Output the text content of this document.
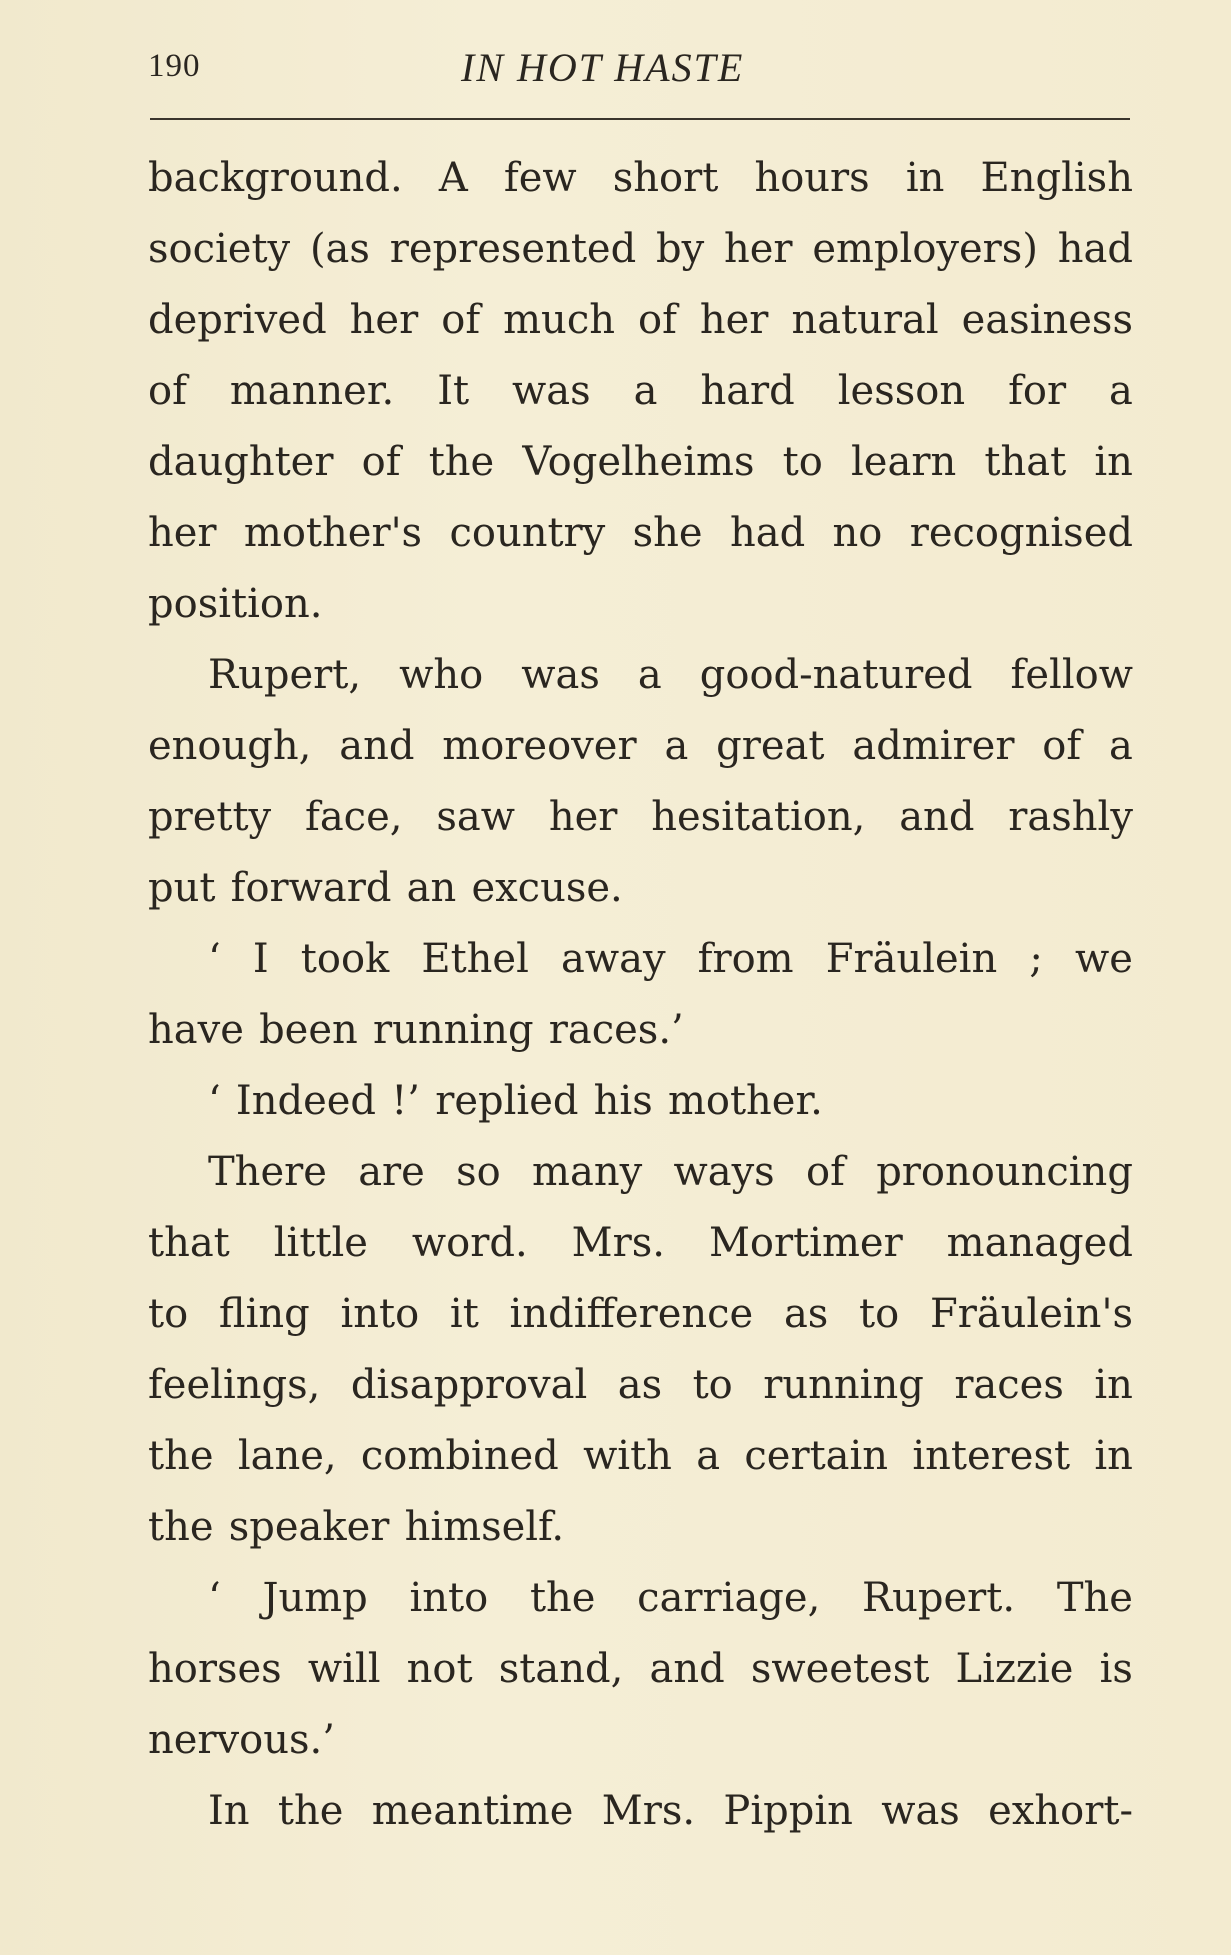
190	IN HOT HASTE
background. A few short hours in English
society (as represented by her employers) had
deprived her of much of her natural easiness
of manner. It was a hard lesson for a
daughter of the Vogelheims to learn that in
her mother's country she had no recognised
position.
Rupert, who was a good-natured fellow
enough, and moreover a great admirer of a
pretty face, saw her hesitation, and rashly
put forward an excuse.
‘ I took Ethel away from Fräulein ; we
have been running races.’
‘ Indeed !’ replied his mother.
There are so many ways of pronouncing
that little word. Mrs. Mortimer managed
to fling into it indifference as to Fräulein's
feelings, disapproval as to running races in
the lane, combined with a certain interest in
the speaker himself.
‘ Jump into the carriage, Rupert. The
horses will not stand, and sweetest Lizzie is
nervous.’
In the meantime Mrs. Pippin was exhort-
